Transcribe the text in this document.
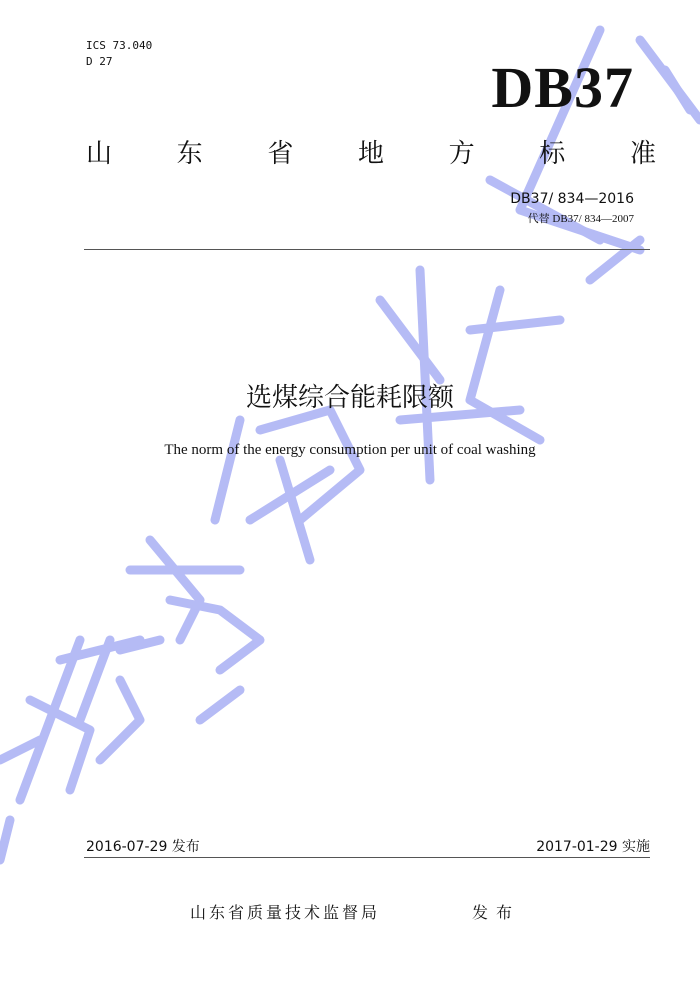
ICS 73.040
D 27	DB37
山 东 省 地 方 标 准
DB37/ 834—2016
代替 DB37/ 834—2007
选煤综合能耗限额
The norm of the energy consumption per unit of coal washing
2016-07-29 发布	2017-01-29 实施
山东省质量技术监督局	发布
